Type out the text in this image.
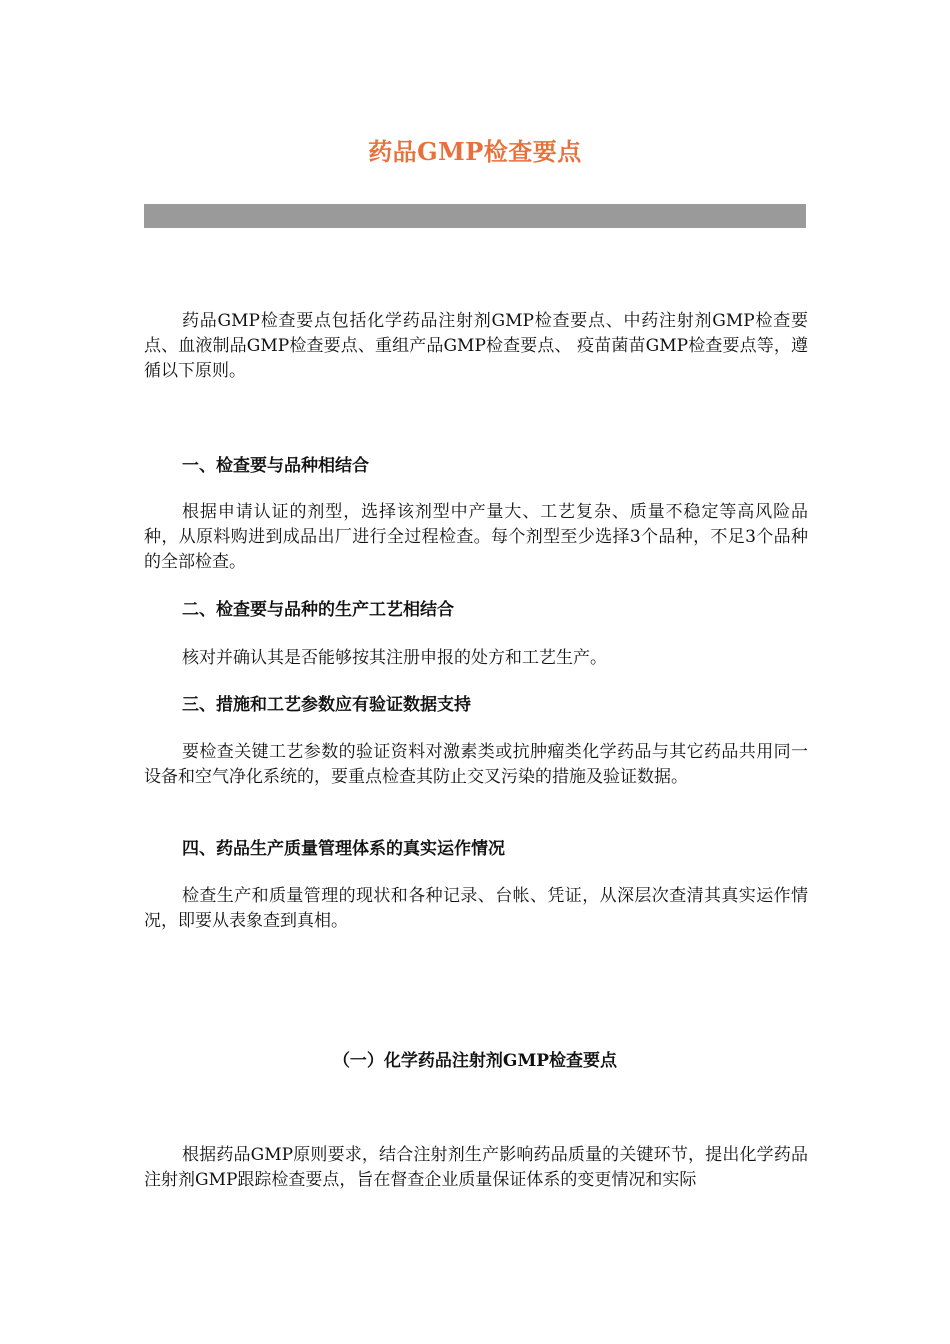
药品GMP检查要点

药品GMP检查要点包括化学药品注射剂GMP检查要点、中药注射剂GMP检查要点、血液制品GMP检查要点、重组产品GMP检查要点、 疫苗菌苗GMP检查要点等，遵循以下原则。

一、检查要与品种相结合

根据申请认证的剂型，选择该剂型中产量大、工艺复杂、质量不稳定等高风险品种，从原料购进到成品出厂进行全过程检查。每个剂型至少选择3个品种，不足3个品种的全部检查。

二、检查要与品种的生产工艺相结合

核对并确认其是否能够按其注册申报的处方和工艺生产。

三、措施和工艺参数应有验证数据支持

要检查关键工艺参数的验证资料对激素类或抗肿瘤类化学药品与其它药品共用同一设备和空气净化系统的，要重点检查其防止交叉污染的措施及验证数据。

四、药品生产质量管理体系的真实运作情况

检查生产和质量管理的现状和各种记录、台帐、凭证，从深层次查清其真实运作情况，即要从表象查到真相。

（一）化学药品注射剂GMP检查要点

根据药品GMP原则要求，结合注射剂生产影响药品质量的关键环节，提出化学药品注射剂GMP跟踪检查要点，旨在督查企业质量保证体系的变更情况和实际
